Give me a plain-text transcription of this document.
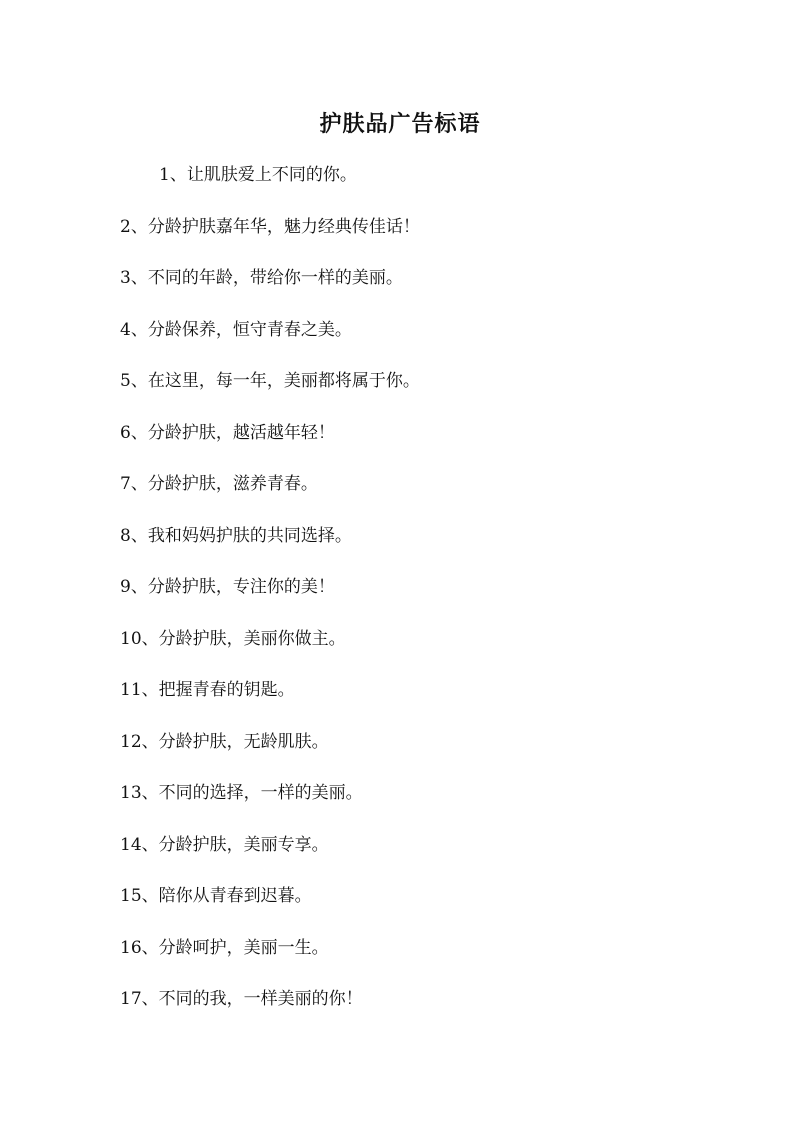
护肤品广告标语
1、让肌肤爱上不同的你。
2、分龄护肤嘉年华，魅力经典传佳话！
3、不同的年龄，带给你一样的美丽。
4、分龄保养，恒守青春之美。
5、在这里，每一年，美丽都将属于你。
6、分龄护肤，越活越年轻！
7、分龄护肤，滋养青春。
8、我和妈妈护肤的共同选择。
9、分龄护肤，专注你的美！
10、分龄护肤，美丽你做主。
11、把握青春的钥匙。
12、分龄护肤，无龄肌肤。
13、不同的选择，一样的美丽。
14、分龄护肤，美丽专享。
15、陪你从青春到迟暮。
16、分龄呵护，美丽一生。
17、不同的我，一样美丽的你！
